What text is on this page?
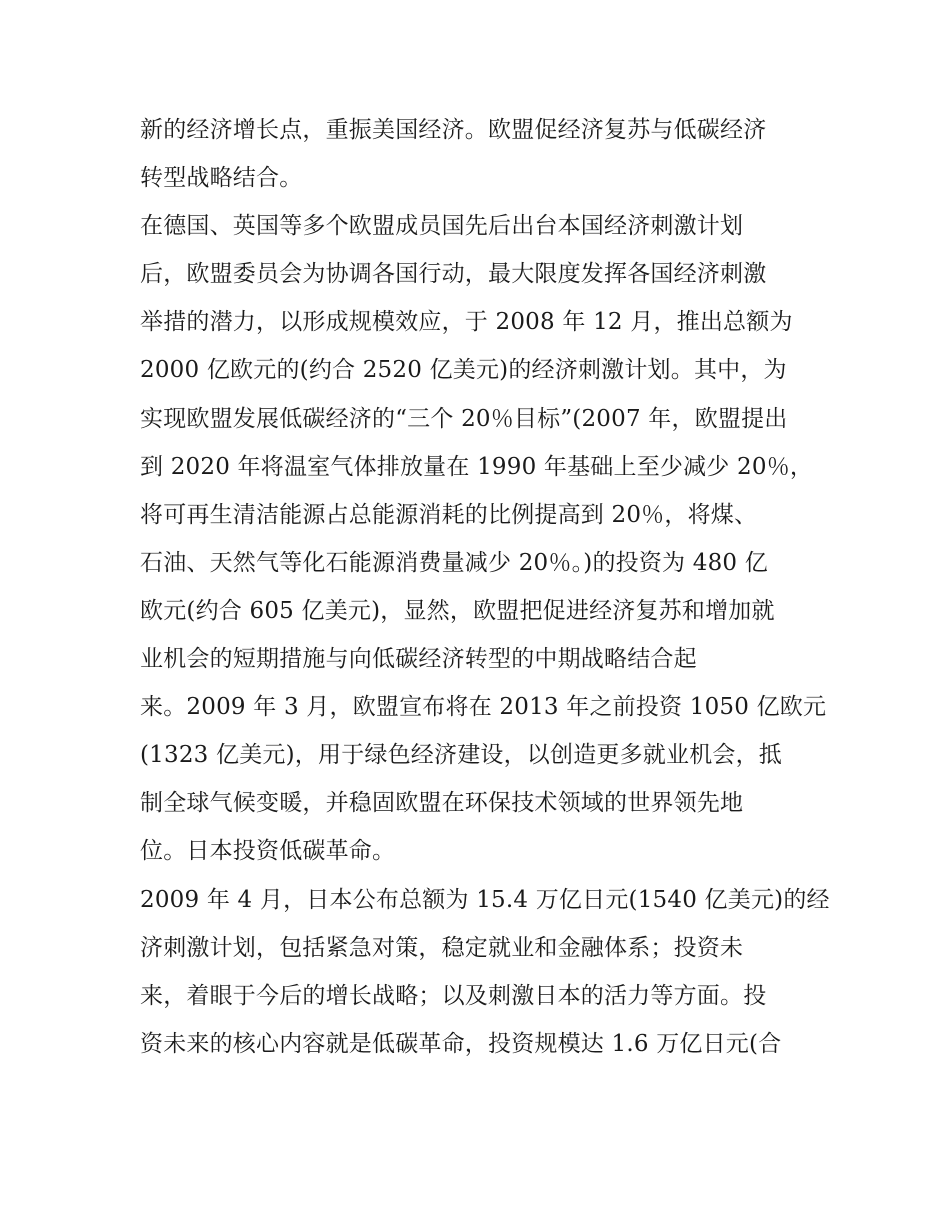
新的经济增长点，重振美国经济。欧盟促经济复苏与低碳经济
转型战略结合。
在德国、英国等多个欧盟成员国先后出台本国经济刺激计划
后，欧盟委员会为协调各国行动，最大限度发挥各国经济刺激
举措的潜力，以形成规模效应，于 2008 年 12 月，推出总额为
2000 亿欧元的(约合 2520 亿美元)的经济刺激计划。其中，为
实现欧盟发展低碳经济的“三个 20％目标”(2007 年，欧盟提出
到 2020 年将温室气体排放量在 1990 年基础上至少减少 20％，
将可再生清洁能源占总能源消耗的比例提高到 20％，将煤、
石油、天然气等化石能源消费量减少 20％。)的投资为 480 亿
欧元(约合 605 亿美元)，显然，欧盟把促进经济复苏和增加就
业机会的短期措施与向低碳经济转型的中期战略结合起
来。2009 年 3 月，欧盟宣布将在 2013 年之前投资 1050 亿欧元
(1323 亿美元)，用于绿色经济建设，以创造更多就业机会，抵
制全球气候变暖，并稳固欧盟在环保技术领域的世界领先地
位。日本投资低碳革命。
2009 年 4 月，日本公布总额为 15.4 万亿日元(1540 亿美元)的经
济刺激计划，包括紧急对策，稳定就业和金融体系；投资未
来，着眼于今后的增长战略；以及刺激日本的活力等方面。投
资未来的核心内容就是低碳革命，投资规模达 1.6 万亿日元(合
